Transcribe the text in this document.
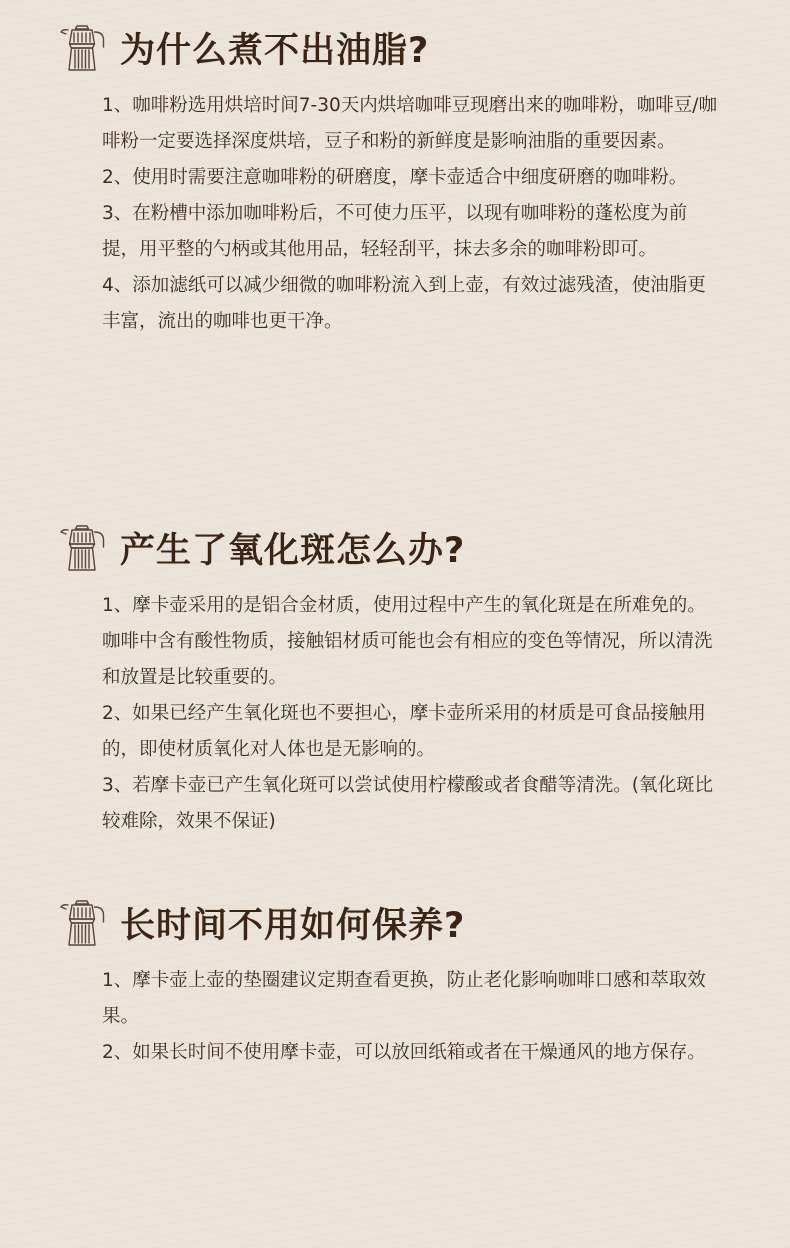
为什么煮不出油脂?
1、咖啡粉选用烘培时间7-30天内烘培咖啡豆现磨出来的咖啡粉，咖啡豆/咖啡粉一定要选择深度烘培，豆子和粉的新鲜度是影响油脂的重要因素。
2、使用时需要注意咖啡粉的研磨度，摩卡壶适合中细度研磨的咖啡粉。
3、在粉槽中添加咖啡粉后，不可使力压平，以现有咖啡粉的蓬松度为前提，用平整的勺柄或其他用品，轻轻刮平，抹去多余的咖啡粉即可。
4、添加滤纸可以减少细微的咖啡粉流入到上壶，有效过滤残渣，使油脂更丰富，流出的咖啡也更干净。
产生了氧化斑怎么办?
1、摩卡壶采用的是铝合金材质，使用过程中产生的氧化斑是在所难免的。咖啡中含有酸性物质，接触铝材质可能也会有相应的变色等情况，所以清洗和放置是比较重要的。
2、如果已经产生氧化斑也不要担心，摩卡壶所采用的材质是可食品接触用的，即使材质氧化对人体也是无影响的。
3、若摩卡壶已产生氧化斑可以尝试使用柠檬酸或者食醋等清洗。(氧化斑比较难除，效果不保证)
长时间不用如何保养?
1、摩卡壶上壶的垫圈建议定期查看更换，防止老化影响咖啡口感和萃取效果。
2、如果长时间不使用摩卡壶，可以放回纸箱或者在干燥通风的地方保存。
